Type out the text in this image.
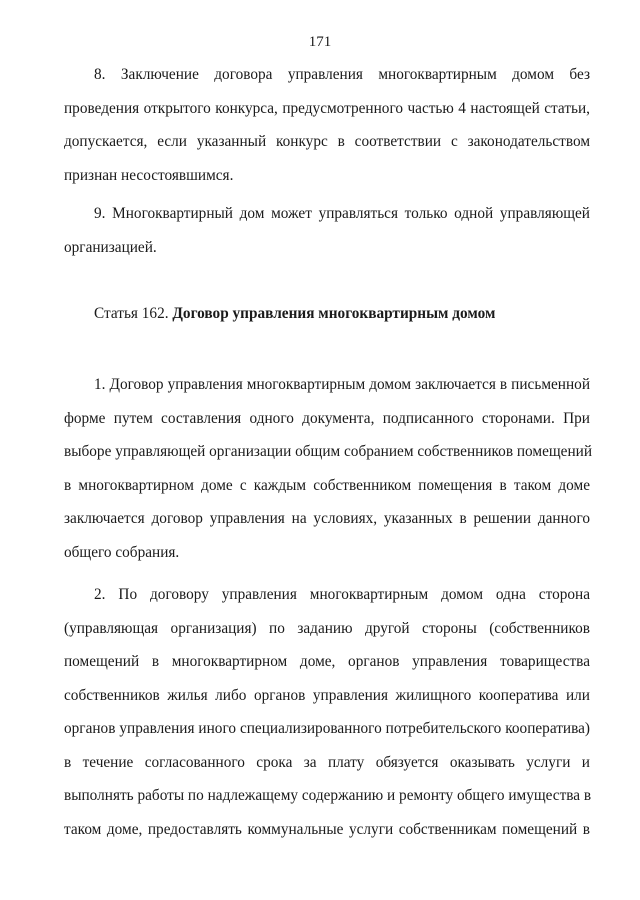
171
8. Заключение договора управления многоквартирным домом без
проведения открытого конкурса, предусмотренного частью 4 настоящей статьи,
допускается, если указанный конкурс в соответствии с законодательством
признан несостоявшимся.
9. Многоквартирный дом может управляться только одной управляющей
организацией.
Статья 162. Договор управления многоквартирным домом
1. Договор управления многоквартирным домом заключается в письменной
форме путем составления одного документа, подписанного сторонами. При
выборе управляющей организации общим собранием собственников помещений
в многоквартирном доме с каждым собственником помещения в таком доме
заключается договор управления на условиях, указанных в решении данного
общего собрания.
2. По договору управления многоквартирным домом одна сторона
(управляющая организация) по заданию другой стороны (собственников
помещений в многоквартирном доме, органов управления товарищества
собственников жилья либо органов управления жилищного кооператива или
органов управления иного специализированного потребительского кооператива)
в течение согласованного срока за плату обязуется оказывать услуги и
выполнять работы по надлежащему содержанию и ремонту общего имущества в
таком доме, предоставлять коммунальные услуги собственникам помещений в
